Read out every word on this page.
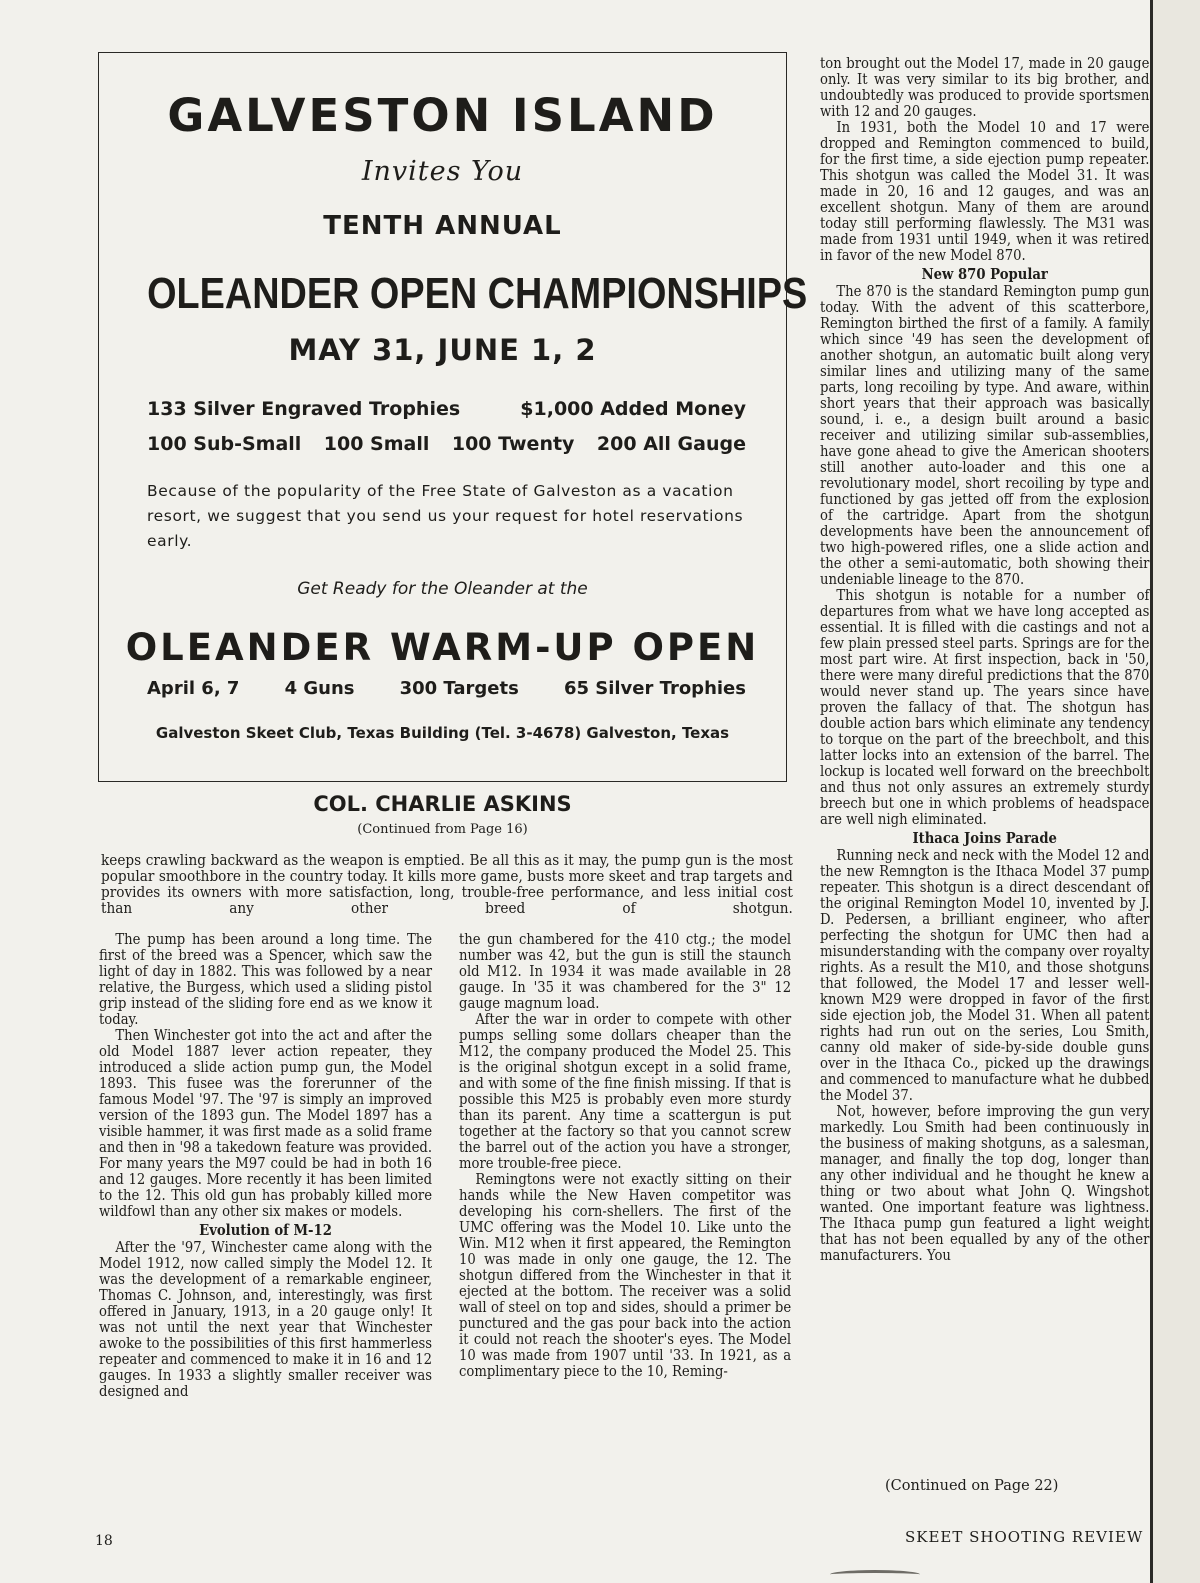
GALVESTON ISLAND
Invites You
TENTH ANNUAL
OLEANDER OPEN CHAMPIONSHIPS
MAY 31, JUNE 1, 2
133 Silver Engraved Trophies	$1,000 Added Money
100 Sub-Small 100 Small 100 Twenty 200 All Gauge
Because of the popularity of the Free State of Galveston as a vacation resort, we suggest that you send us your request for hotel reservations early.
Get Ready for the Oleander at the
OLEANDER WARM-UP OPEN
April 6, 7	4 Guns	300 Targets	65 Silver Trophies
Galveston Skeet Club, Texas Building (Tel. 3-4678) Galveston, Texas
COL. CHARLIE ASKINS
(Continued from Page 16)
keeps crawling backward as the weapon is emptied. Be all this as it may, the pump gun is the most popular smoothbore in the country today. It kills more game, busts more skeet and trap targets and provides its owners with more satisfaction, long, trouble-free performance, and less initial cost than any other breed of shotgun.

The pump has been around a long time. The first of the breed was a Spencer, which saw the light of day in 1882. This was followed by a near relative, the Burgess, which used a sliding pistol grip instead of the sliding fore end as we know it today.

Then Winchester got into the act and after the old Model 1887 lever action repeater, they introduced a slide action pump gun, the Model 1893. This fusee was the forerunner of the famous Model '97. The '97 is simply an improved version of the 1893 gun. The Model 1897 has a visible hammer, it was first made as a solid frame and then in '98 a takedown feature was provided. For many years the M97 could be had in both 16 and 12 gauges. More recently it has been limited to the 12. This old gun has probably killed more wildfowl than any other six makes or models.

Evolution of M-12

After the '97, Winchester came along with the Model 1912, now called simply the Model 12. It was the development of a remarkable engineer, Thomas C. Johnson, and, interestingly, was first offered in January, 1913, in a 20 gauge only! It was not until the next year that Winchester awoke to the possibilities of this first hammerless repeater and commenced to make it in 16 and 12 gauges. In 1933 a slightly smaller receiver was designed and

the gun chambered for the 410 ctg.; the model number was 42, but the gun is still the staunch old M12. In 1934 it was made available in 28 gauge. In '35 it was chambered for the 3" 12 gauge magnum load.

After the war in order to compete with other pumps selling some dollars cheaper than the M12, the company produced the Model 25. This is the original shotgun except in a solid frame, and with some of the fine finish missing. If that is possible this M25 is probably even more sturdy than its parent. Any time a scattergun is put together at the factory so that you cannot screw the barrel out of the action you have a stronger, more trouble-free piece.

Remingtons were not exactly sitting on their hands while the New Haven competitor was developing his corn-shellers. The first of the UMC offering was the Model 10. Like unto the Win. M12 when it first appeared, the Remington 10 was made in only one gauge, the 12. The shotgun differed from the Winchester in that it ejected at the bottom. The receiver was a solid wall of steel on top and sides, should a primer be punctured and the gas pour back into the action it could not reach the shooter's eyes. The Model 10 was made from 1907 until '33. In 1921, as a complimentary piece to the 10, Reming-

ton brought out the Model 17, made in 20 gauge only. It was very similar to its big brother, and undoubtedly was produced to provide sportsmen with 12 and 20 gauges.

In 1931, both the Model 10 and 17 were dropped and Remington commenced to build, for the first time, a side ejection pump repeater. This shotgun was called the Model 31. It was made in 20, 16 and 12 gauges, and was an excellent shotgun. Many of them are around today still performing flawlessly. The M31 was made from 1931 until 1949, when it was retired in favor of the new Model 870.

New 870 Popular

The 870 is the standard Remington pump gun today. With the advent of this scatterbore, Remington birthed the first of a family. A family which since '49 has seen the development of another shotgun, an automatic built along very similar lines and utilizing many of the same parts, long recoiling by type. And aware, within short years that their approach was basically sound, i. e., a design built around a basic receiver and utilizing similar sub-assemblies, have gone ahead to give the American shooters still another auto-loader and this one a revolutionary model, short recoiling by type and functioned by gas jetted off from the explosion of the cartridge. Apart from the shotgun developments have been the announcement of two high-powered rifles, one a slide action and the other a semi-automatic, both showing their undeniable lineage to the 870.

This shotgun is notable for a number of departures from what we have long accepted as essential. It is filled with die castings and not a few plain pressed steel parts. Springs are for the most part wire. At first inspection, back in '50, there were many direful predictions that the 870 would never stand up. The years since have proven the fallacy of that. The shotgun has double action bars which eliminate any tendency to torque on the part of the breechbolt, and this latter locks into an extension of the barrel. The lockup is located well forward on the breechbolt and thus not only assures an extremely sturdy breech but one in which problems of headspace are well nigh eliminated.

Ithaca Joins Parade

Running neck and neck with the Model 12 and the new Remngton is the Ithaca Model 37 pump repeater. This shotgun is a direct descendant of the original Remington Model 10, invented by J. D. Pedersen, a brilliant engineer, who after perfecting the shotgun for UMC then had a misunderstanding with the company over royalty rights. As a result the M10, and those shotguns that followed, the Model 17 and lesser well-known M29 were dropped in favor of the first side ejection job, the Model 31. When all patent rights had run out on the series, Lou Smith, canny old maker of side-by-side double guns over in the Ithaca Co., picked up the drawings and commenced to manufacture what he dubbed the Model 37.

Not, however, before improving the gun very markedly. Lou Smith had been continuously in the business of making shotguns, as a salesman, manager, and finally the top dog, longer than any other individual and he thought he knew a thing or two about what John Q. Wingshot wanted. One important feature was lightness. The Ithaca pump gun featured a light weight that has not been equalled by any of the other manufacturers. You

(Continued on Page 22)
18	SKEET SHOOTING REVIEW
